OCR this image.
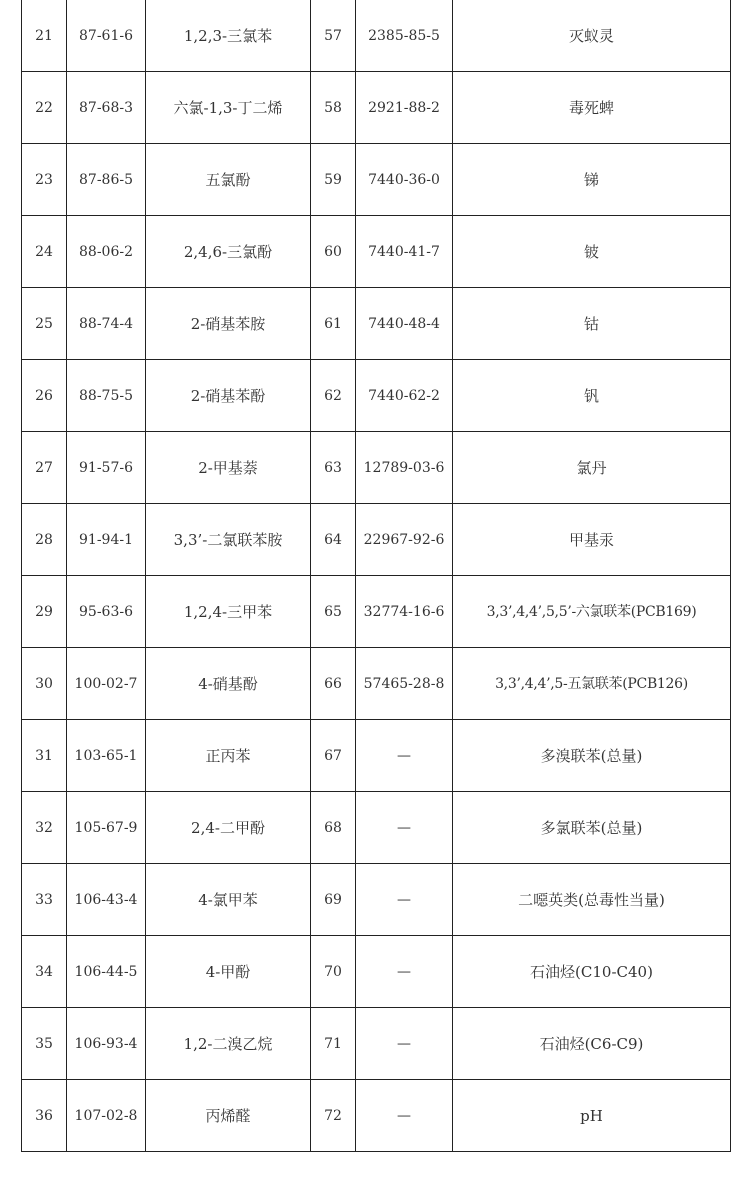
21	87-61-6	1,2,3-三氯苯	57	2385-85-5	灭蚁灵
22	87-68-3	六氯-1,3-丁二烯	58	2921-88-2	毒死蜱
23	87-86-5	五氯酚	59	7440-36-0	锑
24	88-06-2	2,4,6-三氯酚	60	7440-41-7	铍
25	88-74-4	2-硝基苯胺	61	7440-48-4	钴
26	88-75-5	2-硝基苯酚	62	7440-62-2	钒
27	91-57-6	2-甲基萘	63	12789-03-6	氯丹
28	91-94-1	3,3’-二氯联苯胺	64	22967-92-6	甲基汞
29	95-63-6	1,2,4-三甲苯	65	32774-16-6	3,3’,4,4’,5,5’-六氯联苯(PCB169)
30	100-02-7	4-硝基酚	66	57465-28-8	3,3’,4,4’,5-五氯联苯(PCB126)
31	103-65-1	正丙苯	67	—	多溴联苯(总量)
32	105-67-9	2,4-二甲酚	68	—	多氯联苯(总量)
33	106-43-4	4-氯甲苯	69	—	二噁英类(总毒性当量)
34	106-44-5	4-甲酚	70	—	石油烃(C10-C40)
35	106-93-4	1,2-二溴乙烷	71	—	石油烃(C6-C9)
36	107-02-8	丙烯醛	72	—	pH
